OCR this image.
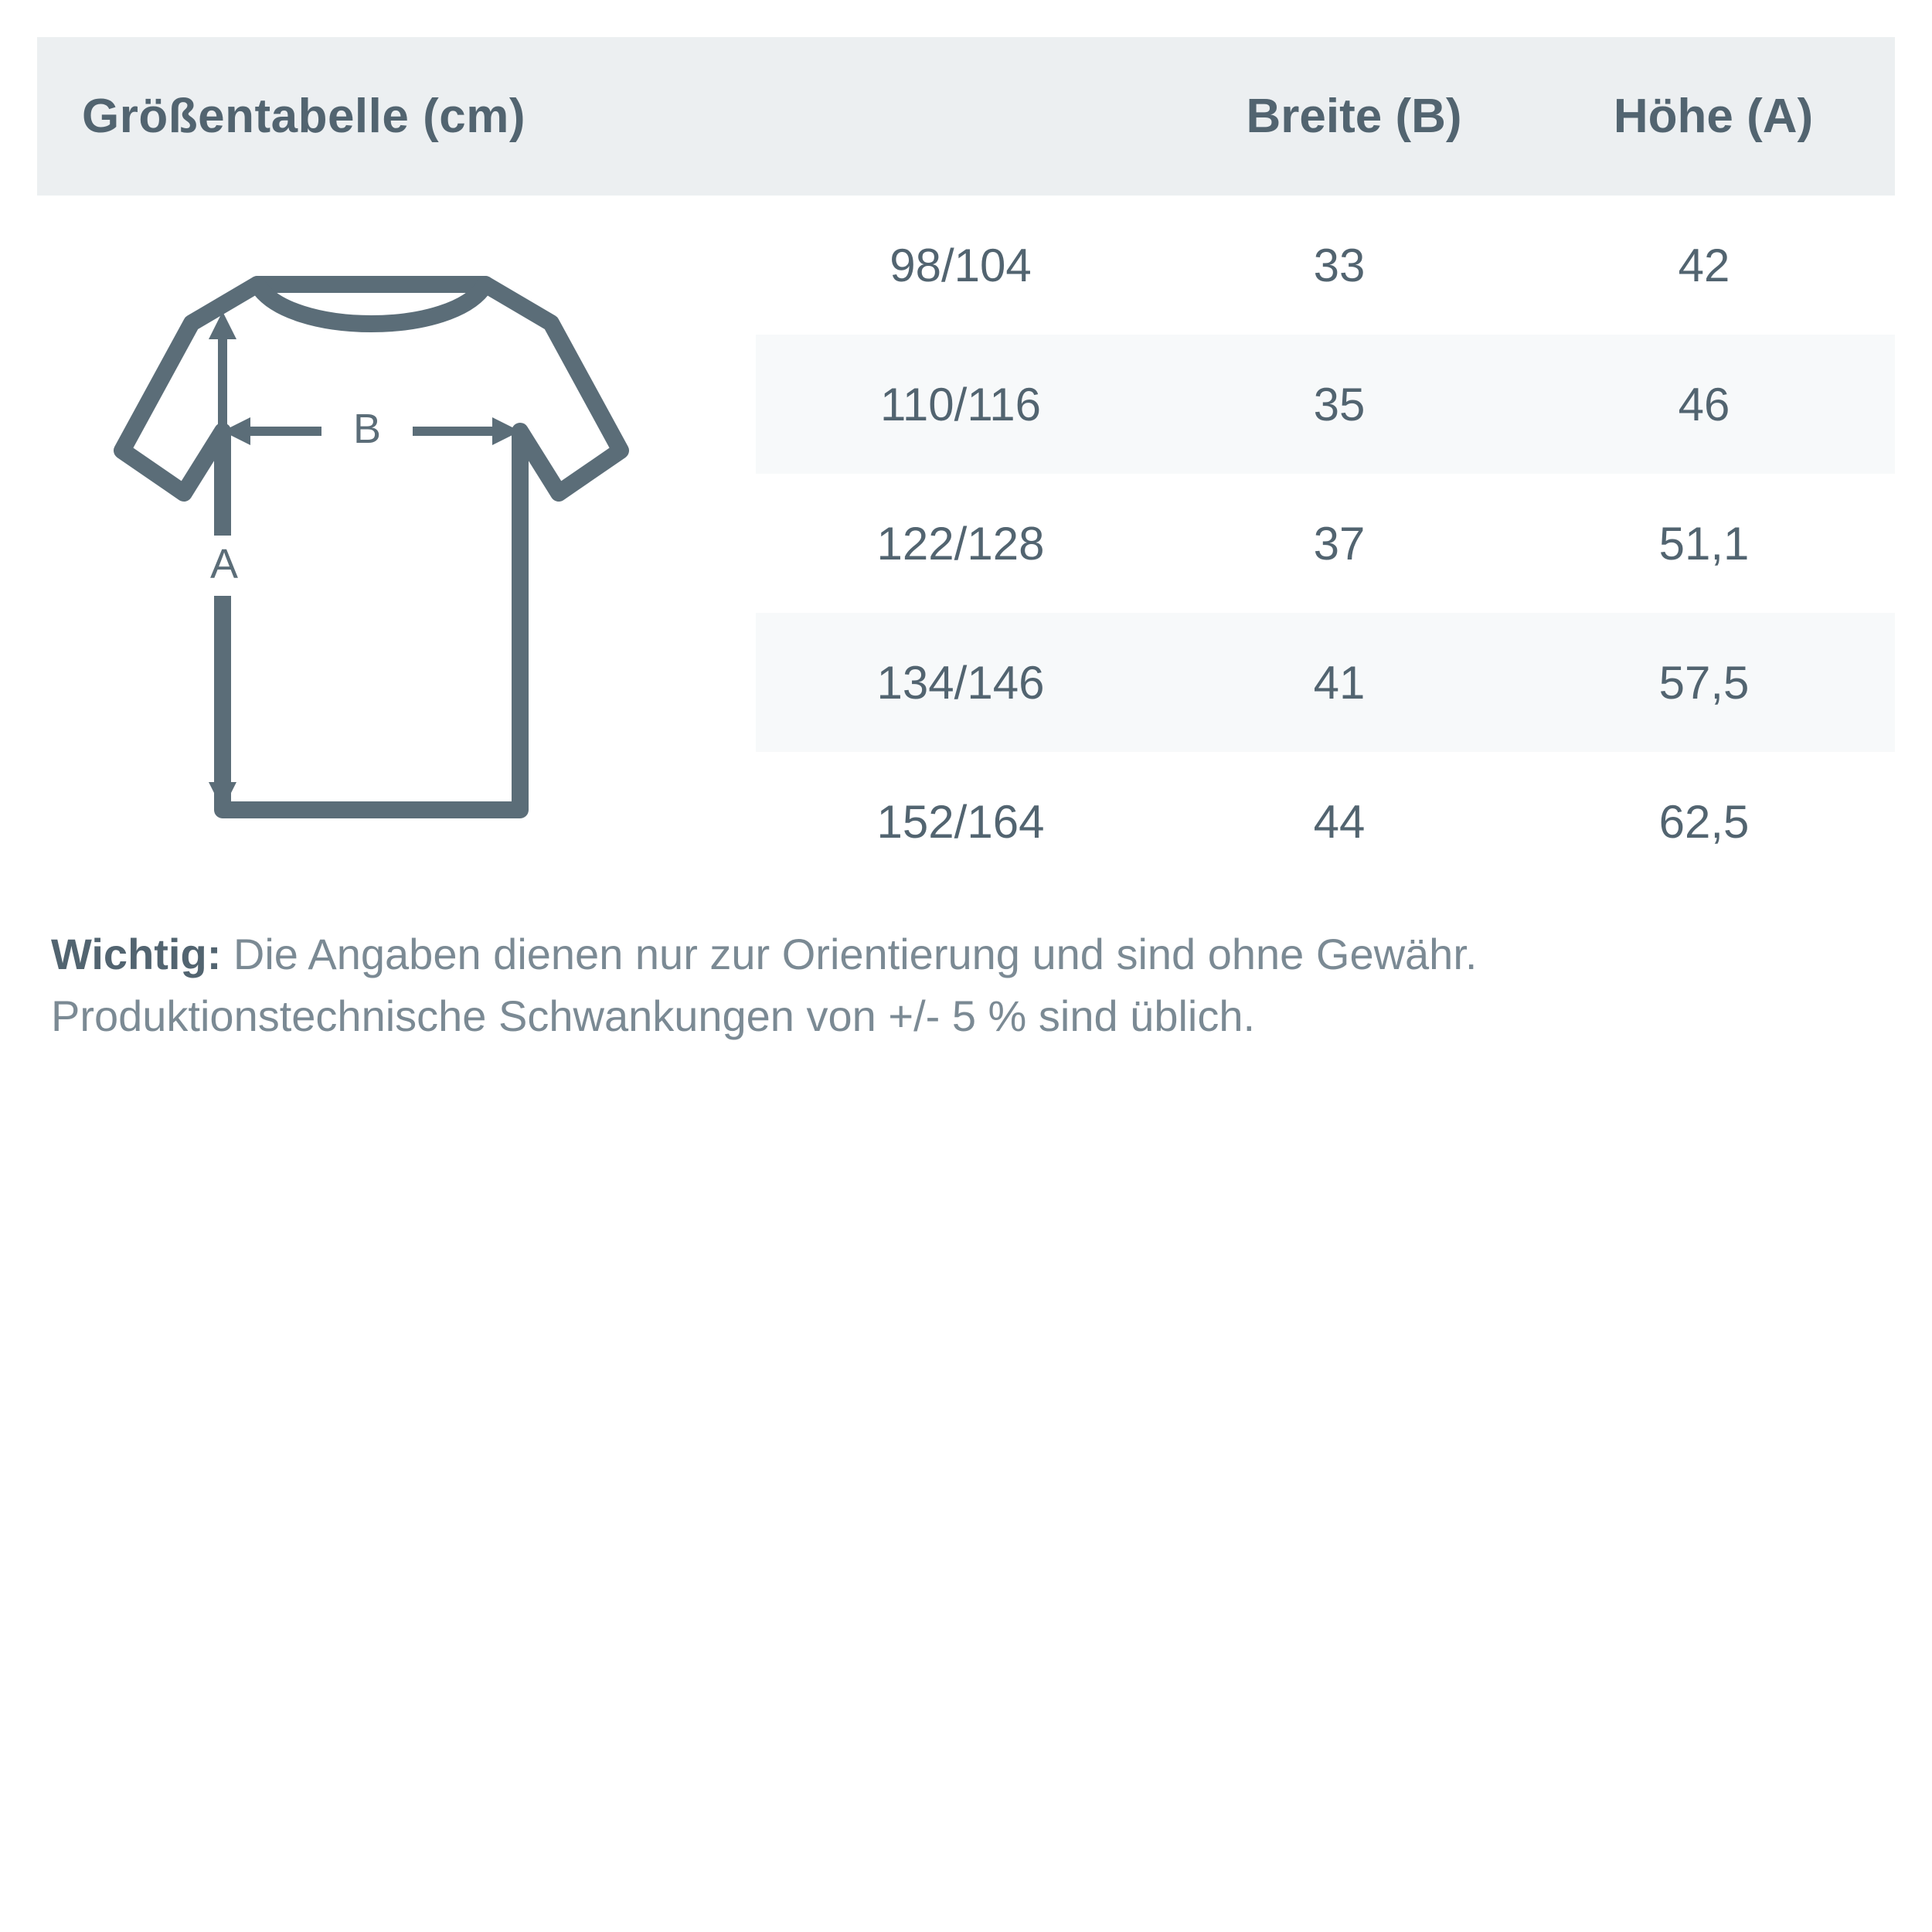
Größentabelle (cm)	Breite (B)	Höhe (A)
B
A
98/104	33	42
110/116	35	46
122/128	37	51,1
134/146	41	57,5
152/164	44	62,5
Wichtig: Die Angaben dienen nur zur Orientierung und sind ohne Gewähr. Produktionstechnische Schwankungen von +/- 5 % sind üblich.
